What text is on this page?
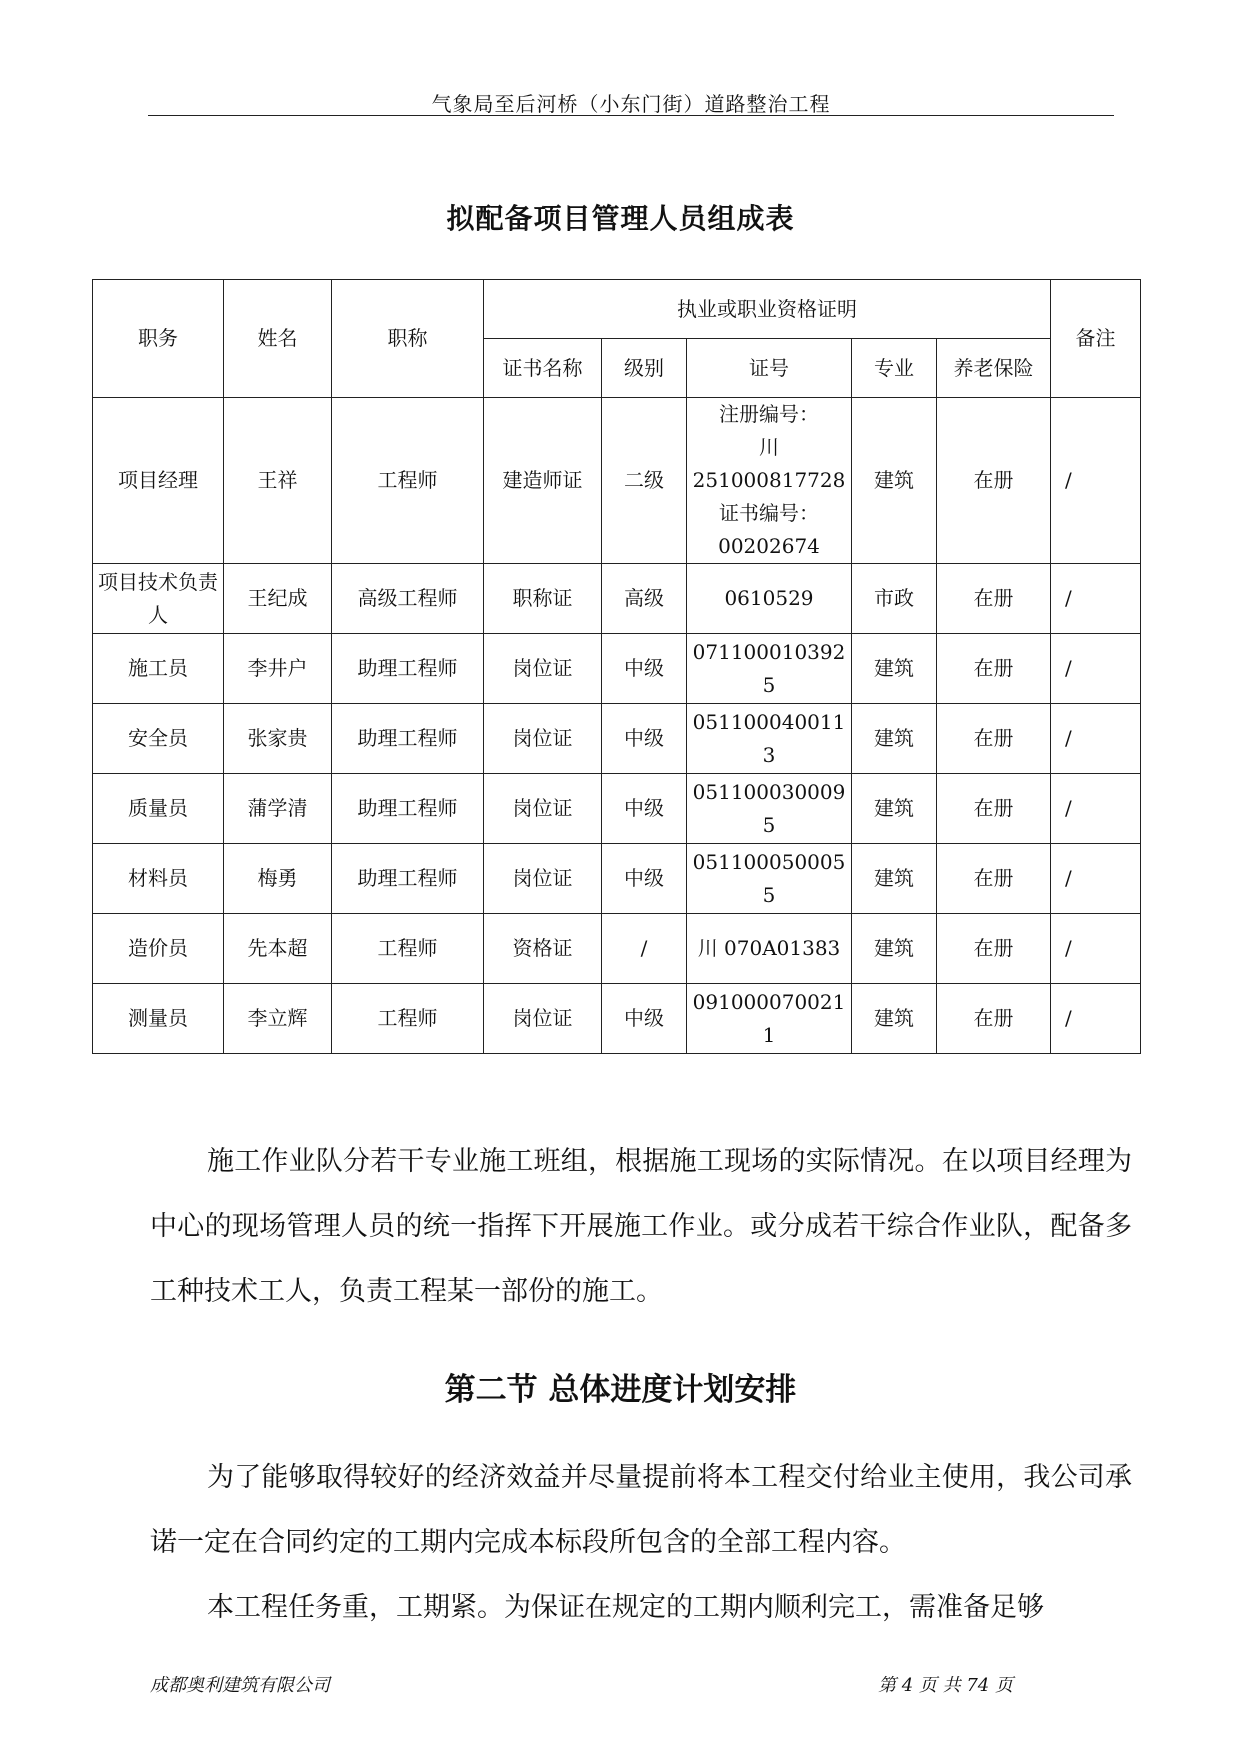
气象局至后河桥（小东门街）道路整治工程
拟配备项目管理人员组成表
职务	姓名	职称	执业或职业资格证明					备注
			证书名称	级别	证号	专业	养老保险	
项目经理	王祥	工程师	建造师证	二级	注册编号：
川
251000817728
证书编号：
00202674	建筑	在册	/
项目技术负责人	王纪成	高级工程师	职称证	高级	0610529	市政	在册	/
施工员	李井户	助理工程师	岗位证	中级	0711000103925	建筑	在册	/
安全员	张家贵	助理工程师	岗位证	中级	0511000400113	建筑	在册	/
质量员	蒲学清	助理工程师	岗位证	中级	0511000300095	建筑	在册	/
材料员	梅勇	助理工程师	岗位证	中级	0511000500055	建筑	在册	/
造价员	先本超	工程师	资格证	/	川 070A01383	建筑	在册	/
测量员	李立辉	工程师	岗位证	中级	0910000700211	建筑	在册	/

施工作业队分若干专业施工班组，根据施工现场的实际情况。在以项目经理为中心的现场管理人员的统一指挥下开展施工作业。或分成若干综合作业队，配备多工种技术工人，负责工程某一部份的施工。

第二节 总体进度计划安排

为了能够取得较好的经济效益并尽量提前将本工程交付给业主使用，我公司承诺一定在合同约定的工期内完成本标段所包含的全部工程内容。

本工程任务重，工期紧。为保证在规定的工期内顺利完工，需准备足够

成都奥利建筑有限公司	第 4 页 共 74 页
